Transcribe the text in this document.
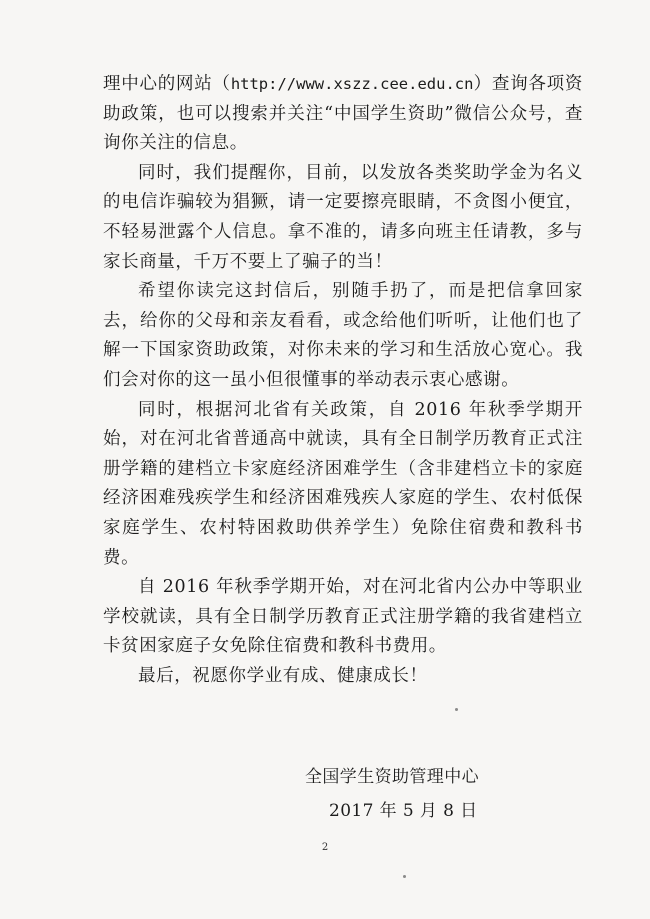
理中心的网站（http://www.xszz.cee.edu.cn）查询各项资助政策，也可以搜索并关注“中国学生资助”微信公众号，查询你关注的信息。

同时，我们提醒你，目前，以发放各类奖助学金为名义的电信诈骗较为猖獗，请一定要擦亮眼睛，不贪图小便宜，不轻易泄露个人信息。拿不准的，请多向班主任请教，多与家长商量，千万不要上了骗子的当！

希望你读完这封信后，别随手扔了，而是把信拿回家去，给你的父母和亲友看看，或念给他们听听，让他们也了解一下国家资助政策，对你未来的学习和生活放心宽心。我们会对你的这一虽小但很懂事的举动表示衷心感谢。

同时，根据河北省有关政策，自 2016 年秋季学期开始，对在河北省普通高中就读，具有全日制学历教育正式注册学籍的建档立卡家庭经济困难学生（含非建档立卡的家庭经济困难残疾学生和经济困难残疾人家庭的学生、农村低保家庭学生、农村特困救助供养学生）免除住宿费和教科书费。

自 2016 年秋季学期开始，对在河北省内公办中等职业学校就读，具有全日制学历教育正式注册学籍的我省建档立卡贫困家庭子女免除住宿费和教科书费用。

最后，祝愿你学业有成、健康成长！

全国学生资助管理中心
2017 年 5 月 8 日
2
